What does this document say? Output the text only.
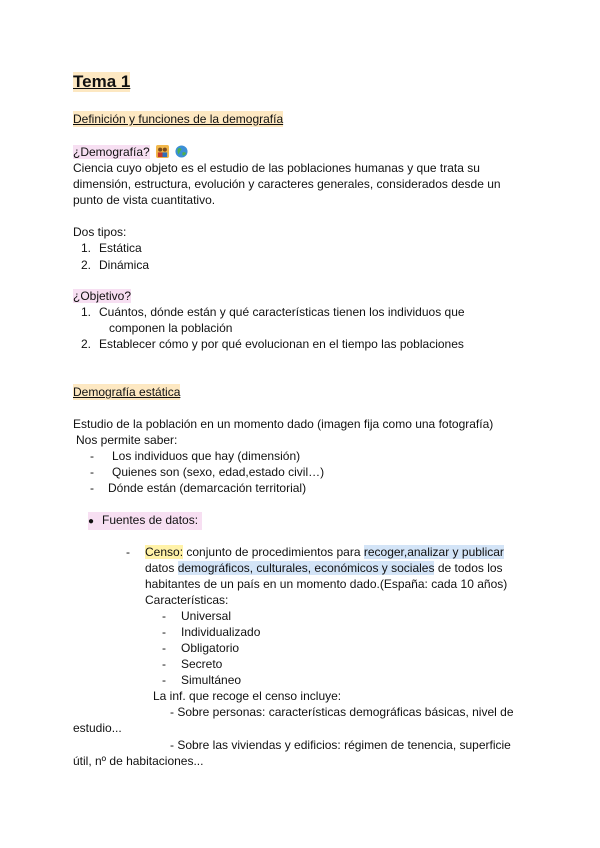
Tema 1
Definición y funciones de la demografía
¿Demografía?
Ciencia cuyo objeto es el estudio de las poblaciones humanas y que trata su
dimensión, estructura, evolución y caracteres generales, considerados desde un
punto de vista cuantitativo.
Dos tipos:
1. Estática
2. Dinámica
¿Objetivo?
1. Cuántos, dónde están y qué características tienen los individuos que
componen la población
2. Establecer cómo y por qué evolucionan en el tiempo las poblaciones
Demografía estática
Estudio de la población en un momento dado (imagen fija como una fotografía)
Nos permite saber:
- Los individuos que hay (dimensión)
- Quienes son (sexo, edad,estado civil…)
- Dónde están (demarcación territorial)
● Fuentes de datos:
- Censo: conjunto de procedimientos para recoger,analizar y publicar
datos demográficos, culturales, económicos y sociales de todos los
habitantes de un país en un momento dado.(España: cada 10 años)
Características:
- Universal
- Individualizado
- Obligatorio
- Secreto
- Simultáneo
La inf. que recoge el censo incluye:
- Sobre personas: características demográficas básicas, nivel de
estudio...
- Sobre las viviendas y edificios: régimen de tenencia, superficie
útil, nº de habitaciones...
